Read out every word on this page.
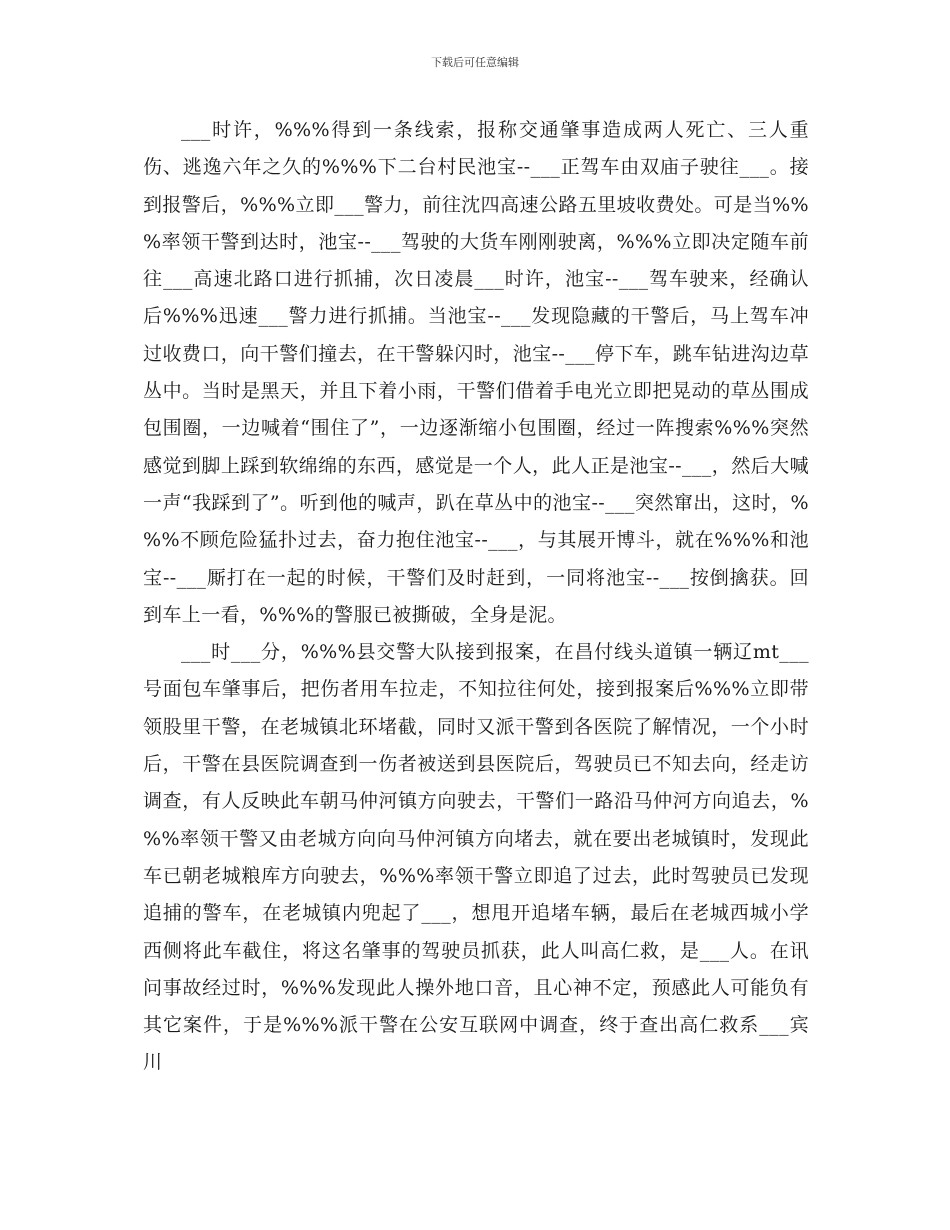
下载后可任意编辑

___时许，%%%得到一条线索，报称交通肇事造成两人死亡、三人重伤、逃逸六年之久的%%%下二台村民池宝--___正驾车由双庙子驶往___。接到报警后，%%%立即___警力，前往沈四高速公路五里坡收费处。可是当%%%率领干警到达时，池宝--___驾驶的大货车刚刚驶离，%%%立即决定随车前往___高速北路口进行抓捕，次日凌晨___时许，池宝--___驾车驶来，经确认后%%%迅速___警力进行抓捕。当池宝--___发现隐藏的干警后，马上驾车冲过收费口，向干警们撞去，在干警躲闪时，池宝--___停下车，跳车钻进沟边草丛中。当时是黑天，并且下着小雨，干警们借着手电光立即把晃动的草丛围成包围圈，一边喊着“围住了”，一边逐渐缩小包围圈，经过一阵搜索%%%突然感觉到脚上踩到软绵绵的东西，感觉是一个人，此人正是池宝--___，然后大喊一声“我踩到了”。听到他的喊声，趴在草丛中的池宝--___突然窜出，这时，%%%不顾危险猛扑过去，奋力抱住池宝--___，与其展开博斗，就在%%%和池宝--___厮打在一起的时候，干警们及时赶到，一同将池宝--___按倒擒获。回到车上一看，%%%的警服已被撕破，全身是泥。

___时___分，%%%县交警大队接到报案，在昌付线头道镇一辆辽mt___号面包车肇事后，把伤者用车拉走，不知拉往何处，接到报案后%%%立即带领股里干警，在老城镇北环堵截，同时又派干警到各医院了解情况，一个小时后，干警在县医院调查到一伤者被送到县医院后，驾驶员已不知去向，经走访调查，有人反映此车朝马仲河镇方向驶去，干警们一路沿马仲河方向追去，%%%率领干警又由老城方向向马仲河镇方向堵去，就在要出老城镇时，发现此车已朝老城粮库方向驶去，%%%率领干警立即追了过去，此时驾驶员已发现追捕的警车，在老城镇内兜起了___，想甩开追堵车辆，最后在老城西城小学西侧将此车截住，将这名肇事的驾驶员抓获，此人叫高仁救，是___人。在讯问事故经过时，%%%发现此人操外地口音，且心神不定，预感此人可能负有其它案件，于是%%%派干警在公安互联网中调查，终于查出高仁救系___宾川
